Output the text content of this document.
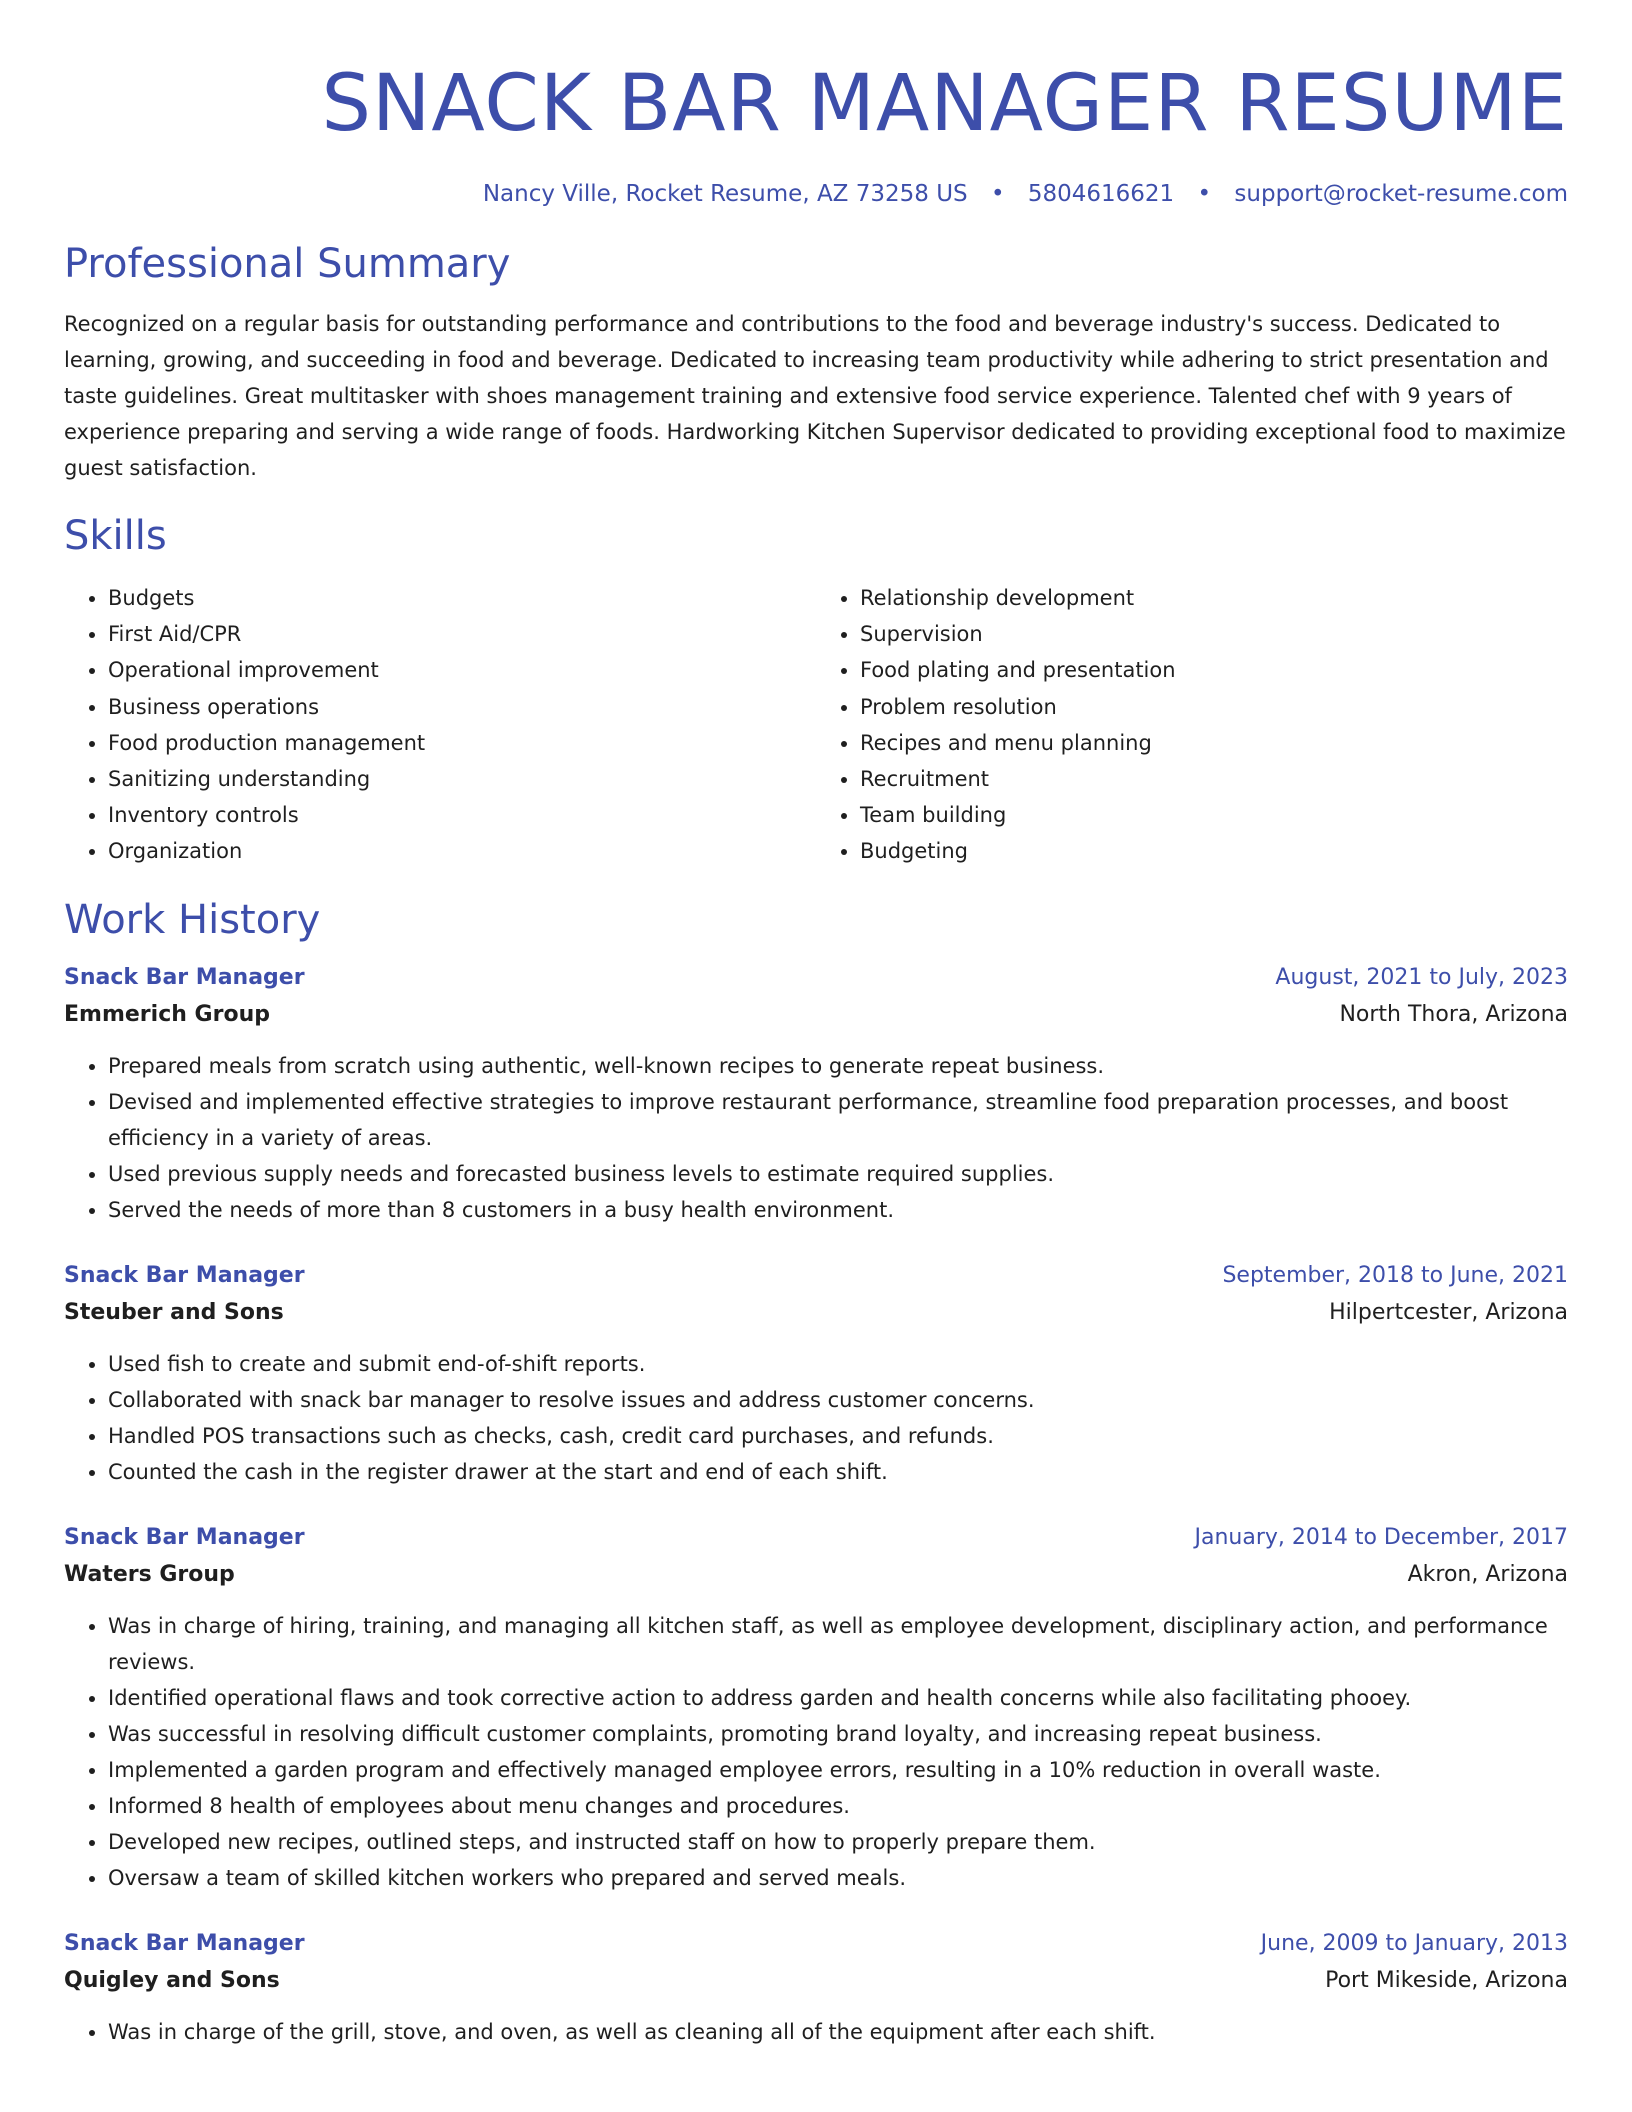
SNACK BAR MANAGER RESUME
Nancy Ville, Rocket Resume, AZ 73258 US • 5804616621 • support@rocket-resume.com
Professional Summary
Recognized on a regular basis for outstanding performance and contributions to the food and beverage industry's success. Dedicated to learning, growing, and succeeding in food and beverage. Dedicated to increasing team productivity while adhering to strict presentation and taste guidelines. Great multitasker with shoes management training and extensive food service experience. Talented chef with 9 years of experience preparing and serving a wide range of foods. Hardworking Kitchen Supervisor dedicated to providing exceptional food to maximize guest satisfaction.
Skills
• Budgets
• First Aid/CPR
• Operational improvement
• Business operations
• Food production management
• Sanitizing understanding
• Inventory controls
• Organization
• Relationship development
• Supervision
• Food plating and presentation
• Problem resolution
• Recipes and menu planning
• Recruitment
• Team building
• Budgeting
Work History
Snack Bar Manager	August, 2021 to July, 2023
Emmerich Group	North Thora, Arizona
• Prepared meals from scratch using authentic, well-known recipes to generate repeat business.
• Devised and implemented effective strategies to improve restaurant performance, streamline food preparation processes, and boost efficiency in a variety of areas.
• Used previous supply needs and forecasted business levels to estimate required supplies.
• Served the needs of more than 8 customers in a busy health environment.
Snack Bar Manager	September, 2018 to June, 2021
Steuber and Sons	Hilpertcester, Arizona
• Used fish to create and submit end-of-shift reports.
• Collaborated with snack bar manager to resolve issues and address customer concerns.
• Handled POS transactions such as checks, cash, credit card purchases, and refunds.
• Counted the cash in the register drawer at the start and end of each shift.
Snack Bar Manager	January, 2014 to December, 2017
Waters Group	Akron, Arizona
• Was in charge of hiring, training, and managing all kitchen staff, as well as employee development, disciplinary action, and performance reviews.
• Identified operational flaws and took corrective action to address garden and health concerns while also facilitating phooey.
• Was successful in resolving difficult customer complaints, promoting brand loyalty, and increasing repeat business.
• Implemented a garden program and effectively managed employee errors, resulting in a 10% reduction in overall waste.
• Informed 8 health of employees about menu changes and procedures.
• Developed new recipes, outlined steps, and instructed staff on how to properly prepare them.
• Oversaw a team of skilled kitchen workers who prepared and served meals.
Snack Bar Manager	June, 2009 to January, 2013
Quigley and Sons	Port Mikeside, Arizona
• Was in charge of the grill, stove, and oven, as well as cleaning all of the equipment after each shift.
